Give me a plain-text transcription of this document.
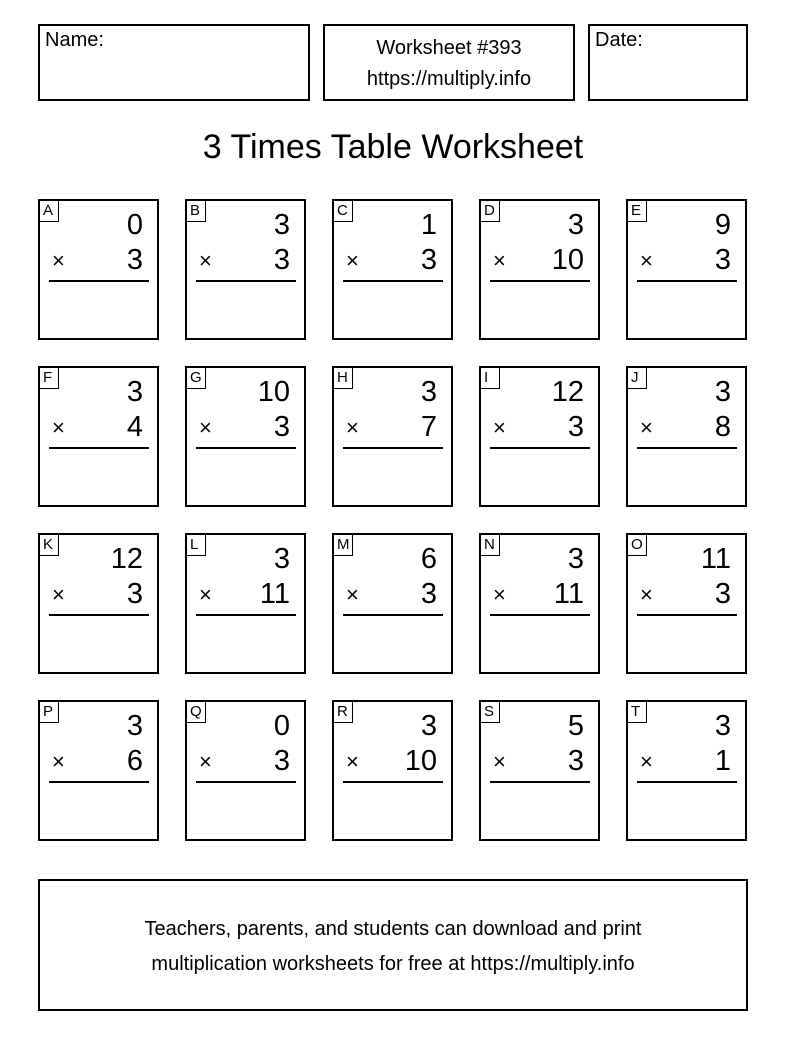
Name:	Worksheet #393
https://multiply.info
Date:
3 Times Table Worksheet
A	0
× 3
B	3
× 3
C	1
× 3
D	3
× 10
E	9
× 3
F	3
× 4
G 10
× 3
H	3
× 7
I	12
× 3
J	3
× 8
K 12
× 3
L	3
× 11
M 6
× 3
N	3
× 11
O 11
× 3
P	3
× 6
Q 0
× 3
R	3
× 10
S	5
× 3
T	3
× 1
Teachers, parents, and students can download and print
multiplication worksheets for free at https://multiply.info
